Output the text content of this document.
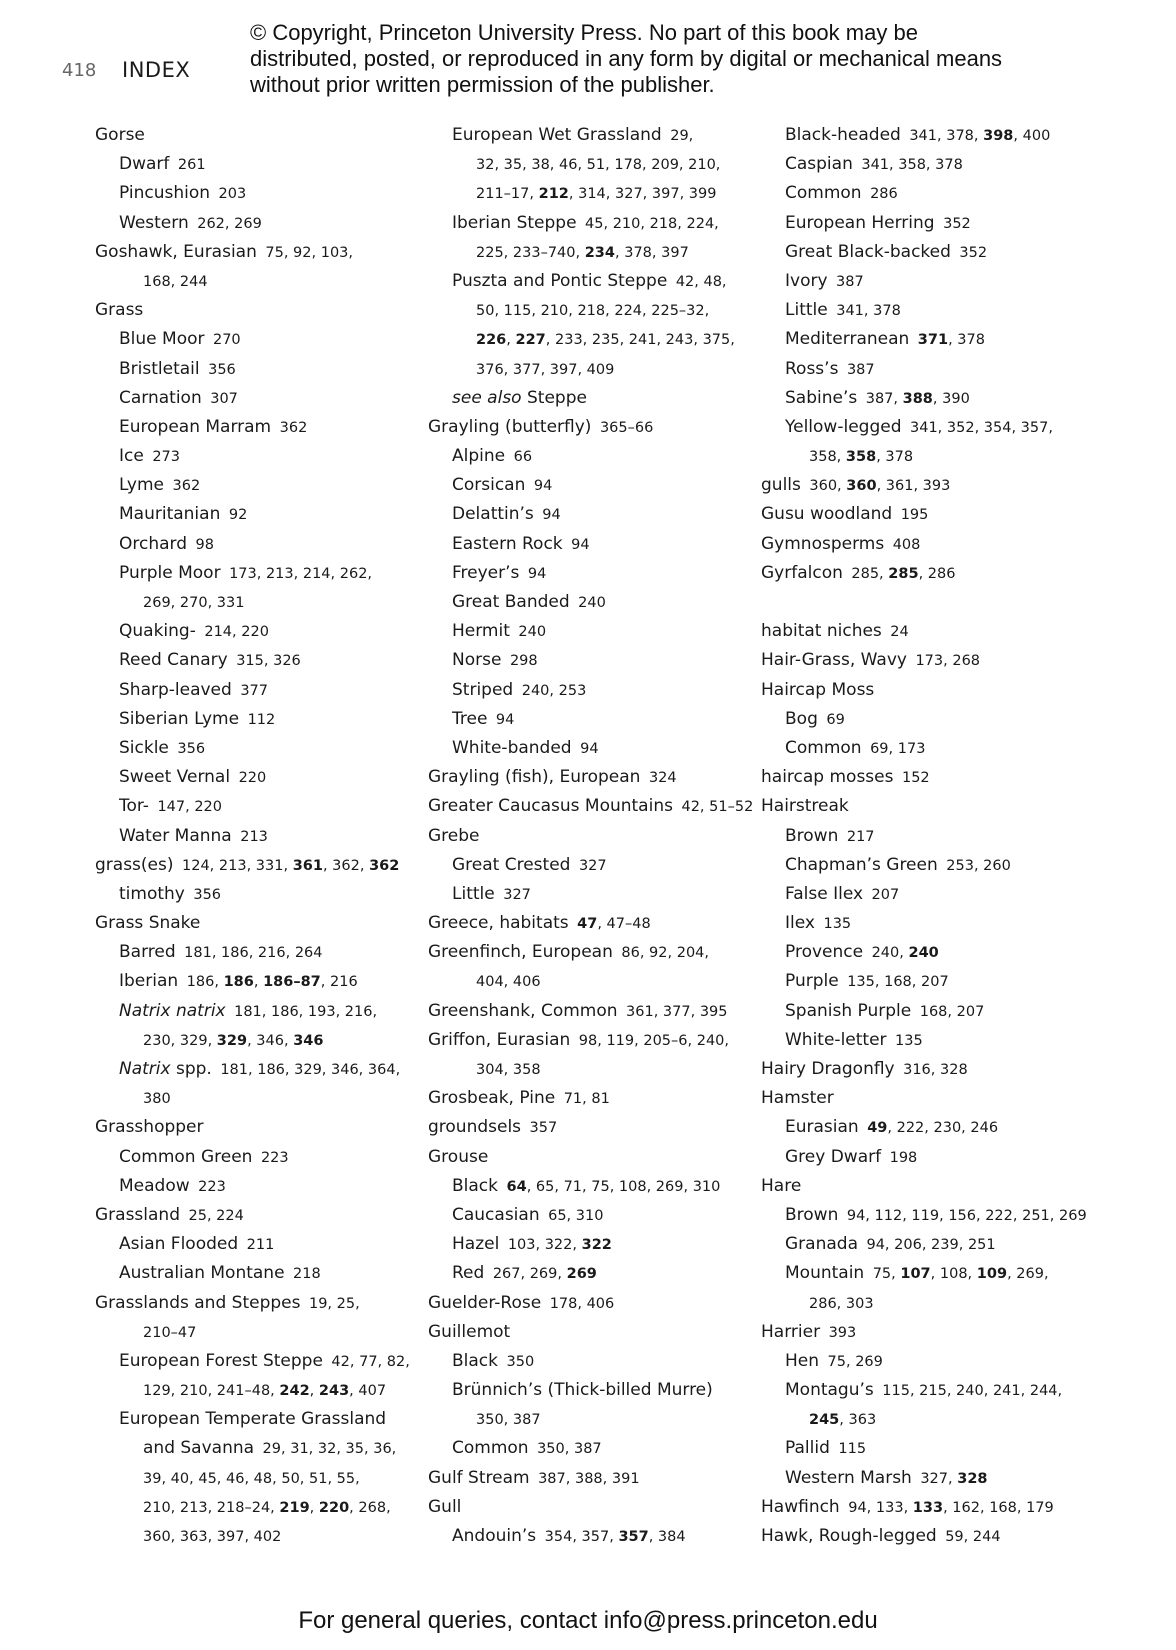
418 INDEX
© Copyright, Princeton University Press. No part of this book may be distributed, posted, or reproduced in any form by digital or mechanical means without prior written permission of the publisher.
Gorse
Dwarf  261
Pincushion  203
Western  262, 269
Goshawk, Eurasian  75, 92, 103,
168, 244
Grass
Blue Moor  270
Bristletail  356
Carnation  307
European Marram  362
Ice  273
Lyme  362
Mauritanian  92
Orchard  98
Purple Moor  173, 213, 214, 262,
269, 270, 331
Quaking-  214, 220
Reed Canary  315, 326
Sharp-leaved  377
Siberian Lyme  112
Sickle  356
Sweet Vernal  220
Tor-  147, 220
Water Manna  213
grass(es)  124, 213, 331, 361, 362, 362
timothy  356
Grass Snake
Barred  181, 186, 216, 264
Iberian  186, 186, 186–87, 216
Natrix natrix  181, 186, 193, 216,
230, 329, 329, 346, 346
Natrix spp.  181, 186, 329, 346, 364,
380
Grasshopper
Common Green  223
Meadow  223
Grassland  25, 224
Asian Flooded  211
Australian Montane  218
Grasslands and Steppes  19, 25,
210–47
European Forest Steppe  42, 77, 82,
129, 210, 241–48, 242, 243, 407
European Temperate Grassland
and Savanna  29, 31, 32, 35, 36,
39, 40, 45, 46, 48, 50, 51, 55,
210, 213, 218–24, 219, 220, 268,
360, 363, 397, 402
European Wet Grassland  29,
32, 35, 38, 46, 51, 178, 209, 210,
211–17, 212, 314, 327, 397, 399
Iberian Steppe  45, 210, 218, 224,
225, 233–740, 234, 378, 397
Puszta and Pontic Steppe  42, 48,
50, 115, 210, 218, 224, 225–32,
226, 227, 233, 235, 241, 243, 375,
376, 377, 397, 409
see also Steppe
Grayling (butterfly)  365–66
Alpine  66
Corsican  94
Delattin’s  94
Eastern Rock  94
Freyer’s  94
Great Banded  240
Hermit  240
Norse  298
Striped  240, 253
Tree  94
White-banded  94
Grayling (fish), European  324
Greater Caucasus Mountains  42, 51–52
Grebe
Great Crested  327
Little  327
Greece, habitats  47, 47–48
Greenfinch, European  86, 92, 204,
404, 406
Greenshank, Common  361, 377, 395
Griffon, Eurasian  98, 119, 205–6, 240,
304, 358
Grosbeak, Pine  71, 81
groundsels  357
Grouse
Black  64, 65, 71, 75, 108, 269, 310
Caucasian  65, 310
Hazel  103, 322, 322
Red  267, 269, 269
Guelder-Rose  178, 406
Guillemot
Black  350
Brünnich’s (Thick-billed Murre)
350, 387
Common  350, 387
Gulf Stream  387, 388, 391
Gull
Andouin’s  354, 357, 357, 384
Black-headed  341, 378, 398, 400
Caspian  341, 358, 378
Common  286
European Herring  352
Great Black-backed  352
Ivory  387
Little  341, 378
Mediterranean  371, 378
Ross’s  387
Sabine’s  387, 388, 390
Yellow-legged  341, 352, 354, 357,
358, 358, 378
gulls  360, 360, 361, 393
Gusu woodland  195
Gymnosperms  408
Gyrfalcon  285, 285, 286
habitat niches  24
Hair-Grass, Wavy  173, 268
Haircap Moss
Bog  69
Common  69, 173
haircap mosses  152
Hairstreak
Brown  217
Chapman’s Green  253, 260
False Ilex  207
Ilex  135
Provence  240, 240
Purple  135, 168, 207
Spanish Purple  168, 207
White-letter  135
Hairy Dragonfly  316, 328
Hamster
Eurasian  49, 222, 230, 246
Grey Dwarf  198
Hare
Brown  94, 112, 119, 156, 222, 251, 269
Granada  94, 206, 239, 251
Mountain  75, 107, 108, 109, 269,
286, 303
Harrier  393
Hen  75, 269
Montagu’s  115, 215, 240, 241, 244,
245, 363
Pallid  115
Western Marsh  327, 328
Hawfinch  94, 133, 133, 162, 168, 179
Hawk, Rough-legged  59, 244
For general queries, contact info@press.princeton.edu
